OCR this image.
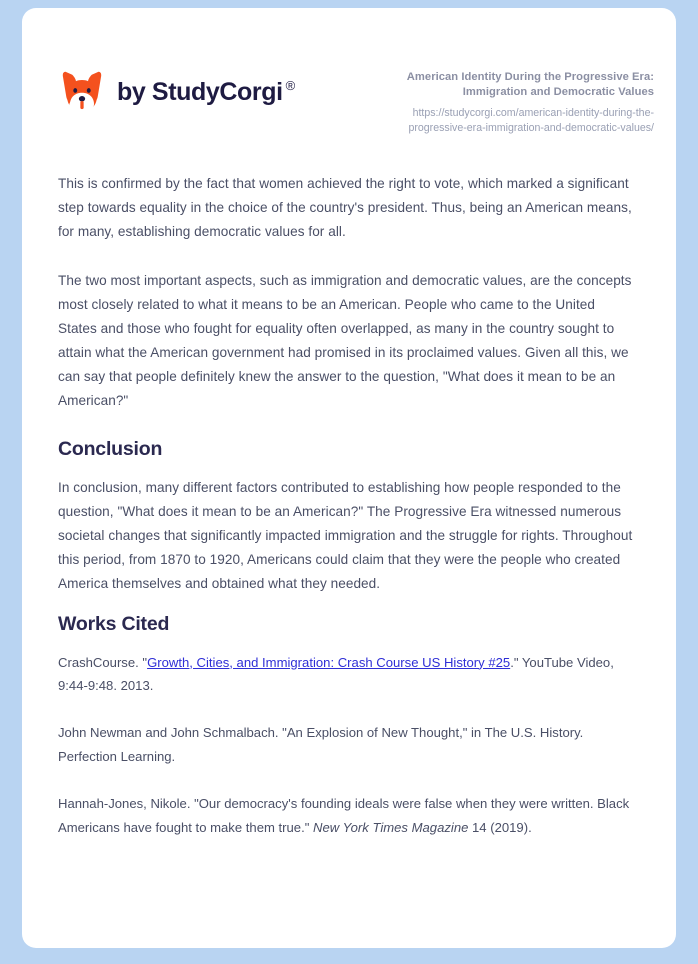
by StudyCorgi ®
American Identity During the Progressive Era: Immigration and Democratic Values
https://studycorgi.com/american-identity-during-the-progressive-era-immigration-and-democratic-values/

This is confirmed by the fact that women achieved the right to vote, which marked a significant step towards equality in the choice of the country's president. Thus, being an American means, for many, establishing democratic values for all.

The two most important aspects, such as immigration and democratic values, are the concepts most closely related to what it means to be an American. People who came to the United States and those who fought for equality often overlapped, as many in the country sought to attain what the American government had promised in its proclaimed values. Given all this, we can say that people definitely knew the answer to the question, "What does it mean to be an American?"

Conclusion

In conclusion, many different factors contributed to establishing how people responded to the question, "What does it mean to be an American?" The Progressive Era witnessed numerous societal changes that significantly impacted immigration and the struggle for rights. Throughout this period, from 1870 to 1920, Americans could claim that they were the people who created America themselves and obtained what they needed.

Works Cited

CrashCourse. "Growth, Cities, and Immigration: Crash Course US History #25." YouTube Video, 9:44-9:48. 2013.

John Newman and John Schmalbach. "An Explosion of New Thought," in The U.S. History. Perfection Learning.

Hannah-Jones, Nikole. "Our democracy's founding ideals were false when they were written. Black Americans have fought to make them true." New York Times Magazine 14 (2019).
